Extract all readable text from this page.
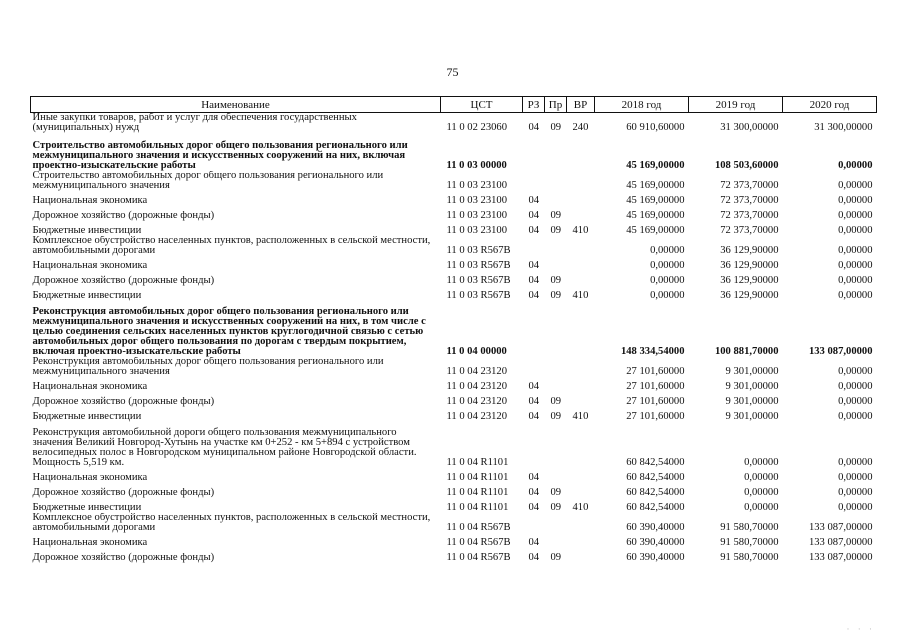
75
Наименование	ЦСТ	РЗ	Пр	ВР	2018 год	2019 год	2020 год
Иные закупки товаров, работ и услуг для обеспечения государственных (муниципальных) нужд	11 0 02 23060	04	09	240	60 910,60000	31 300,00000	31 300,00000
Строительство автомобильных дорог общего пользования регионального или межмуниципального значения и искусственных сооружений на них, включая проектно-изыскательские работы	11 0 03 00000				45 169,00000	108 503,60000	0,00000
Строительство автомобильных дорог общего пользования регионального или межмуниципального значения	11 0 03 23100				45 169,00000	72 373,70000	0,00000
Национальная экономика	11 0 03 23100	04			45 169,00000	72 373,70000	0,00000
Дорожное хозяйство (дорожные фонды)	11 0 03 23100	04	09		45 169,00000	72 373,70000	0,00000
Бюджетные инвестиции	11 0 03 23100	04	09	410	45 169,00000	72 373,70000	0,00000
Комплексное обустройство населенных пунктов, расположенных в сельской местности, автомобильными дорогами	11 0 03 R567B				0,00000	36 129,90000	0,00000
Национальная экономика	11 0 03 R567B	04			0,00000	36 129,90000	0,00000
Дорожное хозяйство (дорожные фонды)	11 0 03 R567B	04	09		0,00000	36 129,90000	0,00000
Бюджетные инвестиции	11 0 03 R567B	04	09	410	0,00000	36 129,90000	0,00000
Реконструкция автомобильных дорог общего пользования регионального или межмуниципального значения и искусственных сооружений на них, в том числе с целью соединения сельских населенных пунктов круглогодичной связью с сетью автомобильных дорог общего пользования по дорогам с твердым покрытием, включая проектно-изыскательские работы	11 0 04 00000				148 334,54000	100 881,70000	133 087,00000
Реконструкция автомобильных дорог общего пользования регионального или межмуниципального значения	11 0 04 23120				27 101,60000	9 301,00000	0,00000
Национальная экономика	11 0 04 23120	04			27 101,60000	9 301,00000	0,00000
Дорожное хозяйство (дорожные фонды)	11 0 04 23120	04	09		27 101,60000	9 301,00000	0,00000
Бюджетные инвестиции	11 0 04 23120	04	09	410	27 101,60000	9 301,00000	0,00000
Реконструкция автомобильной дороги общего пользования межмуниципального значения Великий Новгород-Хутынь на участке км 0+252 - км 5+894 с устройством велосипедных полос в Новгородском муниципальном районе Новгородской области. Мощность 5,519 км.	11 0 04 R1101				60 842,54000	0,00000	0,00000
Национальная экономика	11 0 04 R1101	04			60 842,54000	0,00000	0,00000
Дорожное хозяйство (дорожные фонды)	11 0 04 R1101	04	09		60 842,54000	0,00000	0,00000
Бюджетные инвестиции	11 0 04 R1101	04	09	410	60 842,54000	0,00000	0,00000
Комплексное обустройство населенных пунктов, расположенных в сельской местности, автомобильными дорогами	11 0 04 R567B				60 390,40000	91 580,70000	133 087,00000
Национальная экономика	11 0 04 R567B	04			60 390,40000	91 580,70000	133 087,00000
Дорожное хозяйство (дорожные фонды)	11 0 04 R567B	04	09		60 390,40000	91 580,70000	133 087,00000
· · ·
